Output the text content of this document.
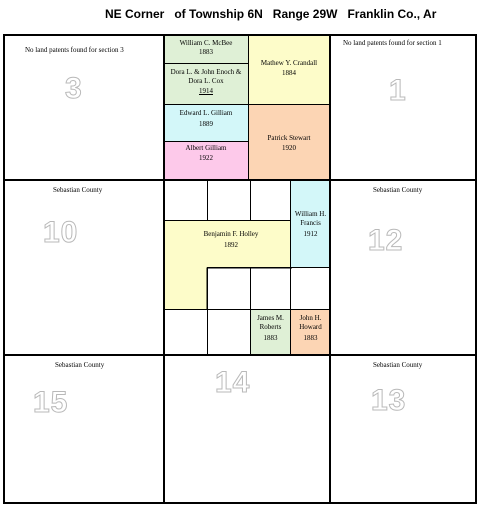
NE Corner   of Township 6N   Range 29W   Franklin Co., Ar
No land patents found for section 3
3
No land patents found for section 1
1
William C. McBee
1883
Dora L. & John Enoch & Dora L. Cox
1914
Mathew Y. Crandall
1884
Edward L. Gilliam
1889
Albert Gilliam
1922
Patrick Stewart
1920
Sebastian County
10
Sebastian County
12
Benjamin F. Holley
1892
William H. Francis
1912
James M. Roberts
1883
John H. Howard
1883
Sebastian County
15
14
Sebastian County
13
